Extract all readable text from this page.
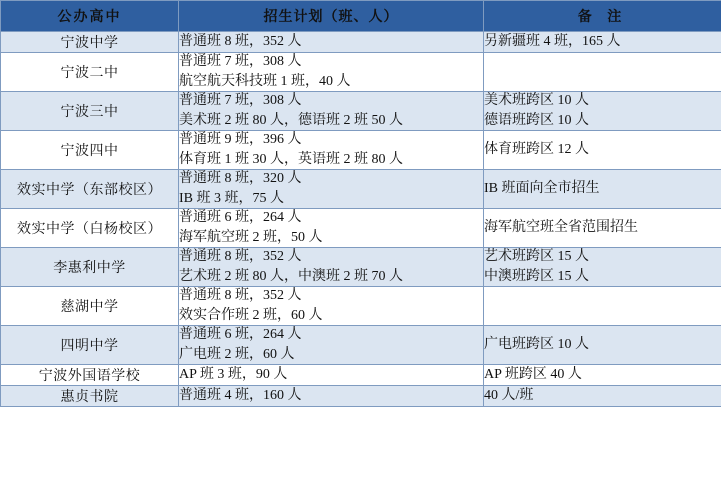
公办高中	招生计划（班、人）	备 注
宁波中学	普通班 8 班，352 人	另新疆班 4 班，165 人

宁波二中	普通班 7 班，308 人
航空航天科技班 1 班，40 人	

宁波三中	普通班 7 班，308 人
美术班 2 班 80 人，德语班 2 班 50 人	美术班跨区 10 人
德语班跨区 10 人

宁波四中	普通班 9 班，396 人
体育班 1 班 30 人，英语班 2 班 80 人	体育班跨区 12 人

效实中学（东部校区）	普通班 8 班，320 人
IB 班 3 班，75 人	IB 班面向全市招生

效实中学（白杨校区）	普通班 6 班，264 人
海军航空班 2 班，50 人	海军航空班全省范围招生

李惠利中学	普通班 8 班，352 人
艺术班 2 班 80 人，中澳班 2 班 70 人	艺术班跨区 15 人
中澳班跨区 15 人

慈湖中学	普通班 8 班，352 人
效实合作班 2 班，60 人	

四明中学	普通班 6 班，264 人
广电班 2 班，60 人	广电班跨区 10 人

宁波外国语学校	AP 班 3 班，90 人	AP 班跨区 40 人

惠贞书院	普通班 4 班，160 人	40 人/班
